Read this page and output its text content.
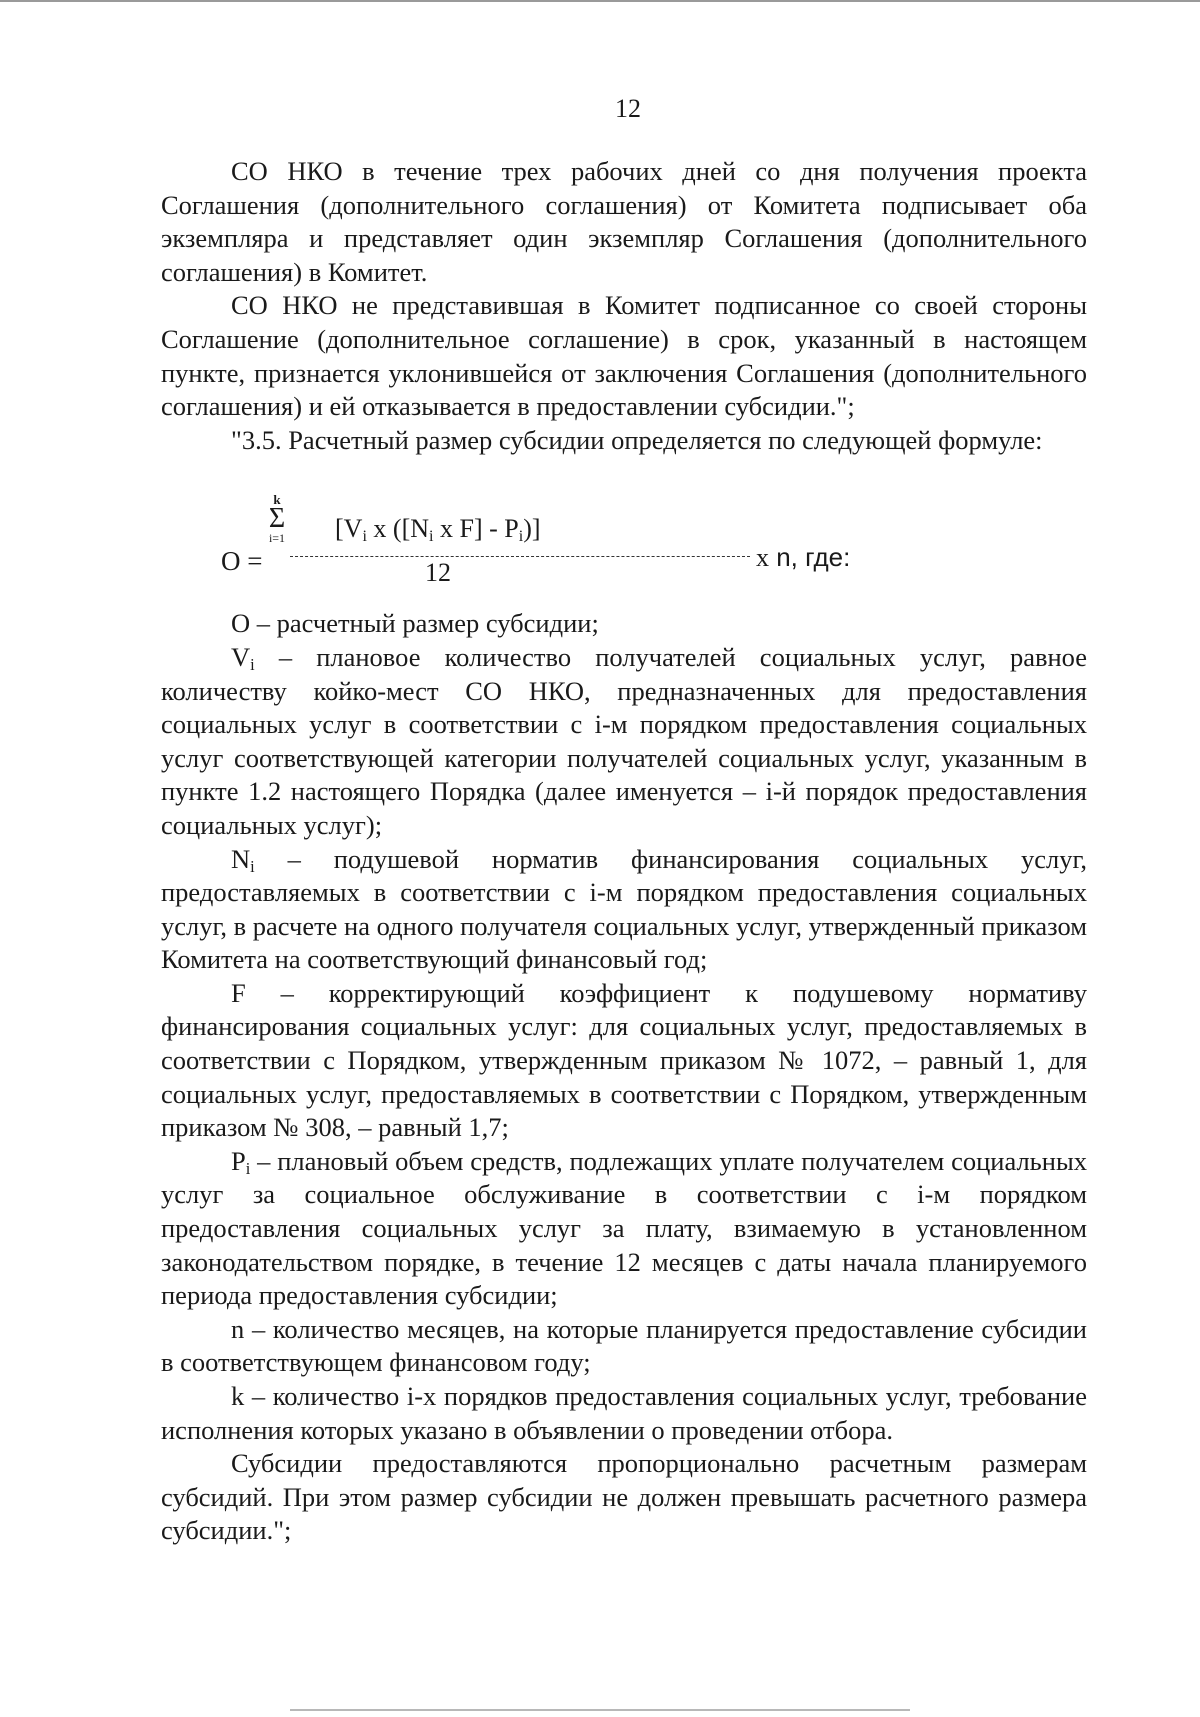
12

СО НКО в течение трех рабочих дней со дня получения проекта Соглашения (дополнительного соглашения) от Комитета подписывает оба экземпляра и представляет один экземпляр Соглашения (дополнительного соглашения) в Комитет.

СО НКО не представившая в Комитет подписанное со своей стороны Соглашение (дополнительное соглашение) в срок, указанный в настоящем пункте, признается уклонившейся от заключения Соглашения (дополнительного соглашения) и ей отказывается в предоставлении субсидии.";

"3.5. Расчетный размер субсидии определяется по следующей формуле:

O =
k
Σ
i=1 [$V_i$ x ([$N_i$ x $F] - P_i$)]
12
x n, где:

О – расчетный размер субсидии;

$V_i$ – плановое количество получателей социальных услуг, равное количеству койко-мест СО НКО, предназначенных для предоставления социальных услуг в соответствии с i-м порядком предоставления социальных услуг соответствующей категории получателей социальных услуг, указанным в пункте 1.2 настоящего Порядка (далее именуется – i-й порядок предоставления социальных услуг);

$N_i$ – подушевой норматив финансирования социальных услуг, предоставляемых в соответствии с i-м порядком предоставления социальных услуг, в расчете на одного получателя социальных услуг, утвержденный приказом Комитета на соответствующий финансовый год;

F – корректирующий коэффициент к подушевому нормативу финансирования социальных услуг: для социальных услуг, предоставляемых в соответствии с Порядком, утвержденным приказом № 1072, – равный 1, для социальных услуг, предоставляемых в соответствии с Порядком, утвержденным приказом № 308, – равный 1,7;

$P_i$ – плановый объем средств, подлежащих уплате получателем социальных услуг за социальное обслуживание в соответствии с i-м порядком предоставления социальных услуг за плату, взимаемую в установленном законодательством порядке, в течение 12 месяцев с даты начала планируемого периода предоставления субсидии;

n – количество месяцев, на которые планируется предоставление субсидии в соответствующем финансовом году;

k – количество i-х порядков предоставления социальных услуг, требование исполнения которых указано в объявлении о проведении отбора.

Субсидии предоставляются пропорционально расчетным размерам субсидий. При этом размер субсидии не должен превышать расчетного размера субсидии.";
